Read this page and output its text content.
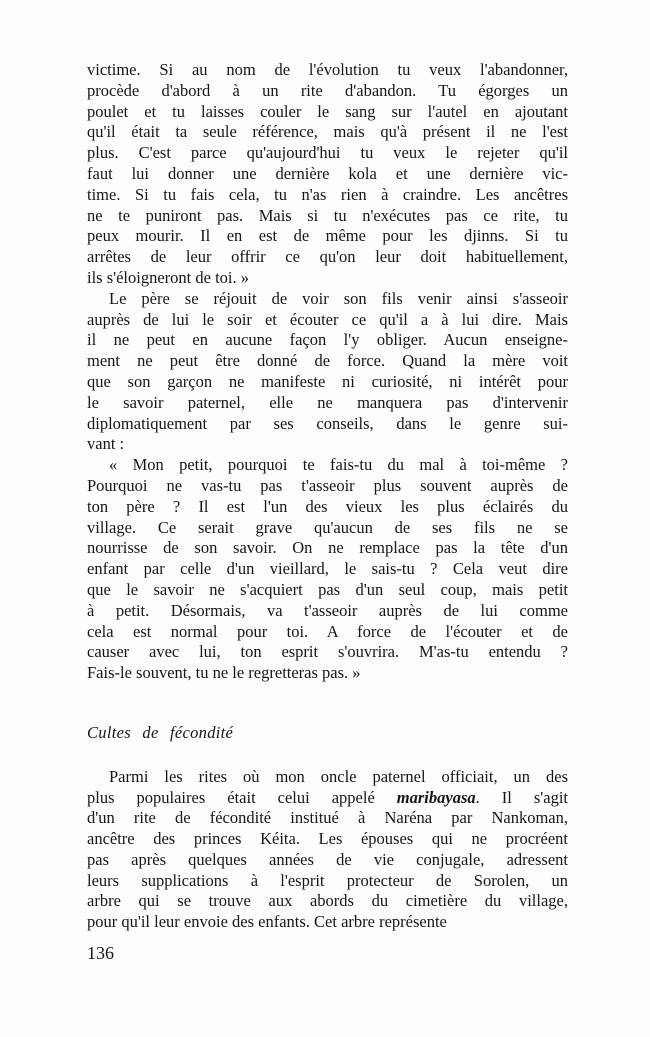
victime. Si au nom de l'évolution tu veux l'abandonner,
procède d'abord à un rite d'abandon. Tu égorges un
poulet et tu laisses couler le sang sur l'autel en ajoutant
qu'il était ta seule référence, mais qu'à présent il ne l'est
plus. C'est parce qu'aujourd'hui tu veux le rejeter qu'il
faut lui donner une dernière kola et une dernière vic-
time. Si tu fais cela, tu n'as rien à craindre. Les ancêtres
ne te puniront pas. Mais si tu n'exécutes pas ce rite, tu
peux mourir. Il en est de même pour les djinns. Si tu
arrêtes de leur offrir ce qu'on leur doit habituellement,
ils s'éloigneront de toi. »
Le père se réjouit de voir son fils venir ainsi s'asseoir
auprès de lui le soir et écouter ce qu'il a à lui dire. Mais
il ne peut en aucune façon l'y obliger. Aucun enseigne-
ment ne peut être donné de force. Quand la mère voit
que son garçon ne manifeste ni curiosité, ni intérêt pour
le savoir paternel, elle ne manquera pas d'intervenir
diplomatiquement par ses conseils, dans le genre sui-
vant :
« Mon petit, pourquoi te fais-tu du mal à toi-même ?
Pourquoi ne vas-tu pas t'asseoir plus souvent auprès de
ton père ? Il est l'un des vieux les plus éclairés du
village. Ce serait grave qu'aucun de ses fils ne se
nourrisse de son savoir. On ne remplace pas la tête d'un
enfant par celle d'un vieillard, le sais-tu ? Cela veut dire
que le savoir ne s'acquiert pas d'un seul coup, mais petit
à petit. Désormais, va t'asseoir auprès de lui comme
cela est normal pour toi. A force de l'écouter et de
causer avec lui, ton esprit s'ouvrira. M'as-tu entendu ?
Fais-le souvent, tu ne le regretteras pas. »
Cultes de fécondité
Parmi les rites où mon oncle paternel officiait, un des
plus populaires était celui appelé maribayasa. Il s'agit
d'un rite de fécondité institué à Naréna par Nankoman,
ancêtre des princes Kéita. Les épouses qui ne procréent
pas après quelques années de vie conjugale, adressent
leurs supplications à l'esprit protecteur de Sorolen, un
arbre qui se trouve aux abords du cimetière du village,
pour qu'il leur envoie des enfants. Cet arbre représente
136
